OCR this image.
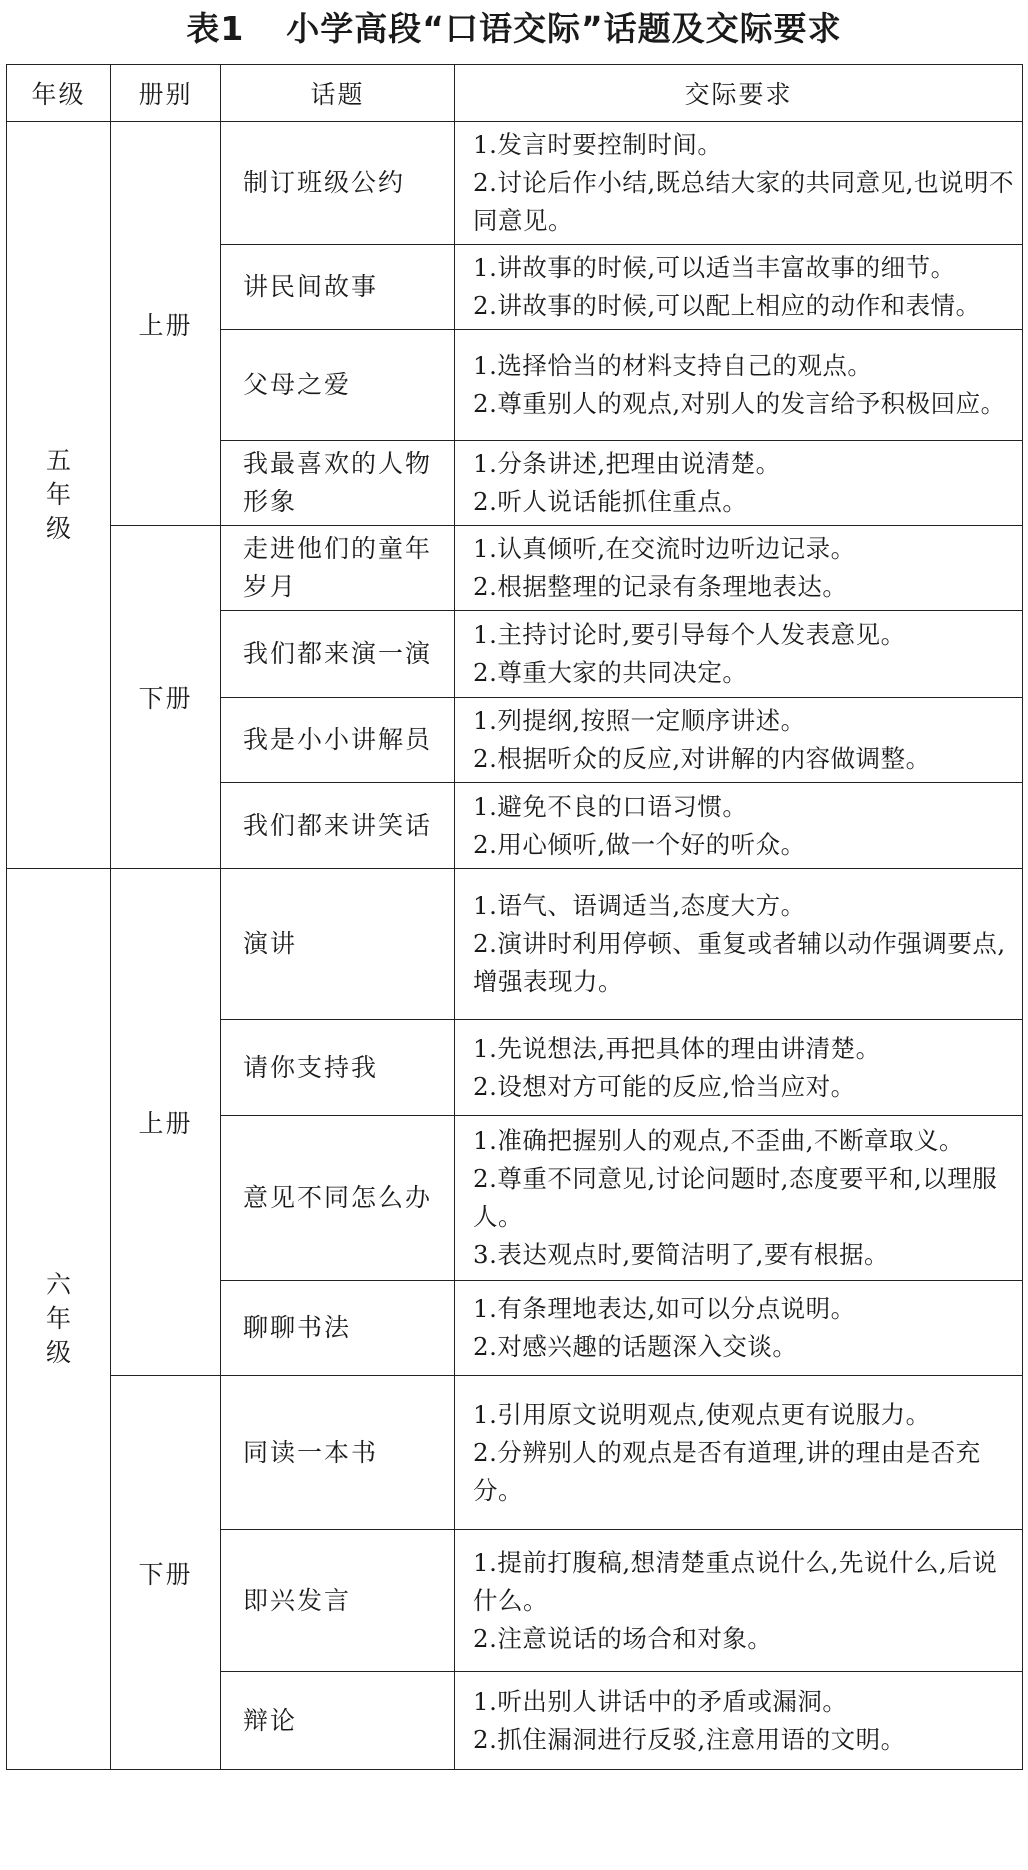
表1 小学高段“口语交际”话题及交际要求
年级	册别	话题	交际要求

五
年
级	上册	制订班级公约	1.发言时要控制时间。
2.讨论后作小结,既总结大家的共同意见,也说明不同意见。

		讲民间故事	1.讲故事的时候,可以适当丰富故事的细节。
2.讲故事的时候,可以配上相应的动作和表情。

		父母之爱	1.选择恰当的材料支持自己的观点。
2.尊重别人的观点,对别人的发言给予积极回应。

		我最喜欢的人物形象	1.分条讲述,把理由说清楚。
2.听人说话能抓住重点。

	下册	走进他们的童年岁月	1.认真倾听,在交流时边听边记录。
2.根据整理的记录有条理地表达。

		我们都来演一演	1.主持讨论时,要引导每个人发表意见。
2.尊重大家的共同决定。

		我是小小讲解员	1.列提纲,按照一定顺序讲述。
2.根据听众的反应,对讲解的内容做调整。

		我们都来讲笑话	1.避免不良的口语习惯。
2.用心倾听,做一个好的听众。

六
年
级	上册	演讲	1.语气、语调适当,态度大方。
2.演讲时利用停顿、重复或者辅以动作强调要点,增强表现力。

		请你支持我	1.先说想法,再把具体的理由讲清楚。
2.设想对方可能的反应,恰当应对。

		意见不同怎么办	1.准确把握别人的观点,不歪曲,不断章取义。
2.尊重不同意见,讨论问题时,态度要平和,以理服人。
3.表达观点时,要简洁明了,要有根据。

		聊聊书法	1.有条理地表达,如可以分点说明。
2.对感兴趣的话题深入交谈。

	下册	同读一本书	1.引用原文说明观点,使观点更有说服力。
2.分辨别人的观点是否有道理,讲的理由是否充分。

		即兴发言	1.提前打腹稿,想清楚重点说什么,先说什么,后说什么。
2.注意说话的场合和对象。

		辩论	1.听出别人讲话中的矛盾或漏洞。
2.抓住漏洞进行反驳,注意用语的文明。
